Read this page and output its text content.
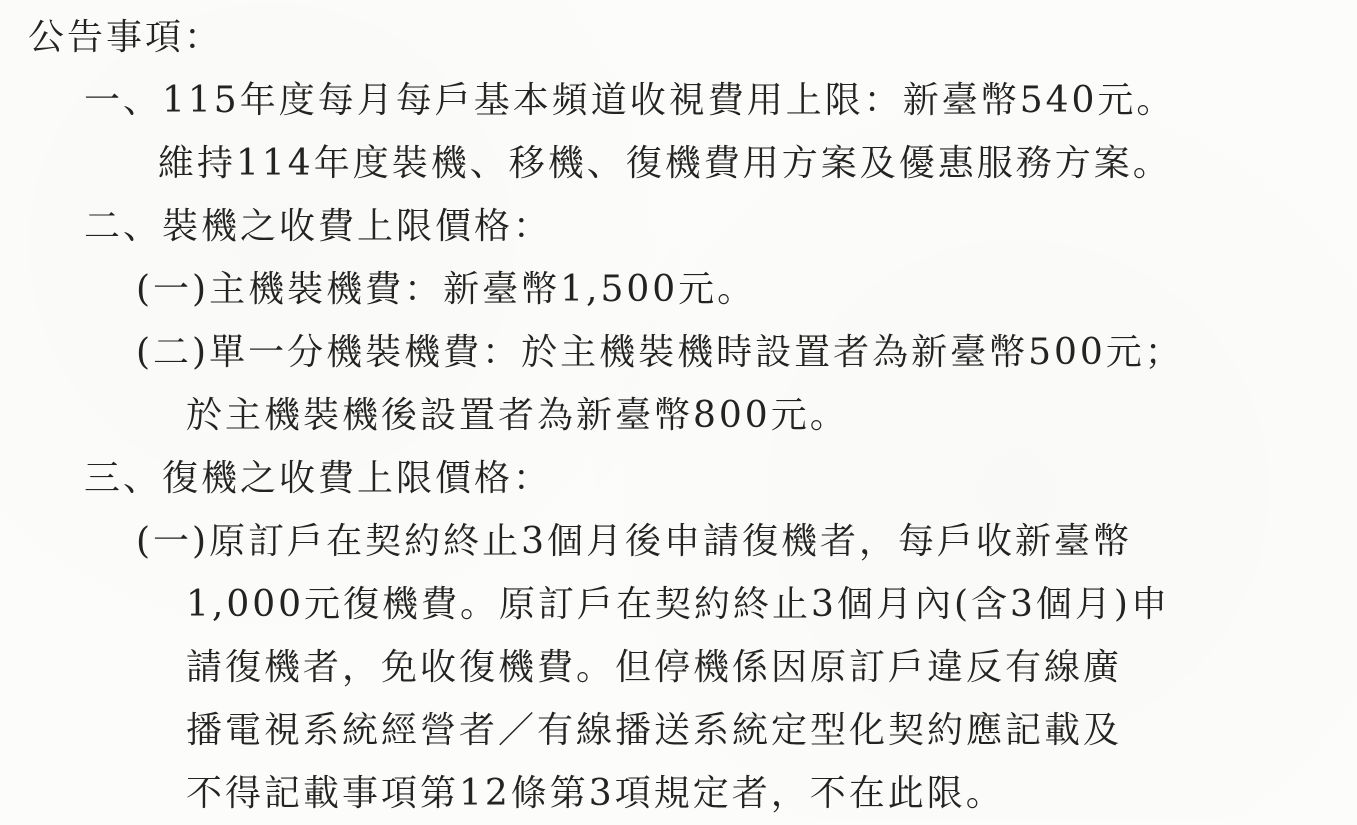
公告事項：
一、115年度每月每戶基本頻道收視費用上限：新臺幣540元。
維持114年度裝機、移機、復機費用方案及優惠服務方案。
二、裝機之收費上限價格：
(一)主機裝機費：新臺幣1,500元。
(二)單一分機裝機費：於主機裝機時設置者為新臺幣500元；
於主機裝機後設置者為新臺幣800元。
三、復機之收費上限價格：
(一)原訂戶在契約終止3個月後申請復機者，每戶收新臺幣
1,000元復機費。原訂戶在契約終止3個月內(含3個月)申
請復機者，免收復機費。但停機係因原訂戶違反有線廣
播電視系統經營者／有線播送系統定型化契約應記載及
不得記載事項第12條第3項規定者，不在此限。
